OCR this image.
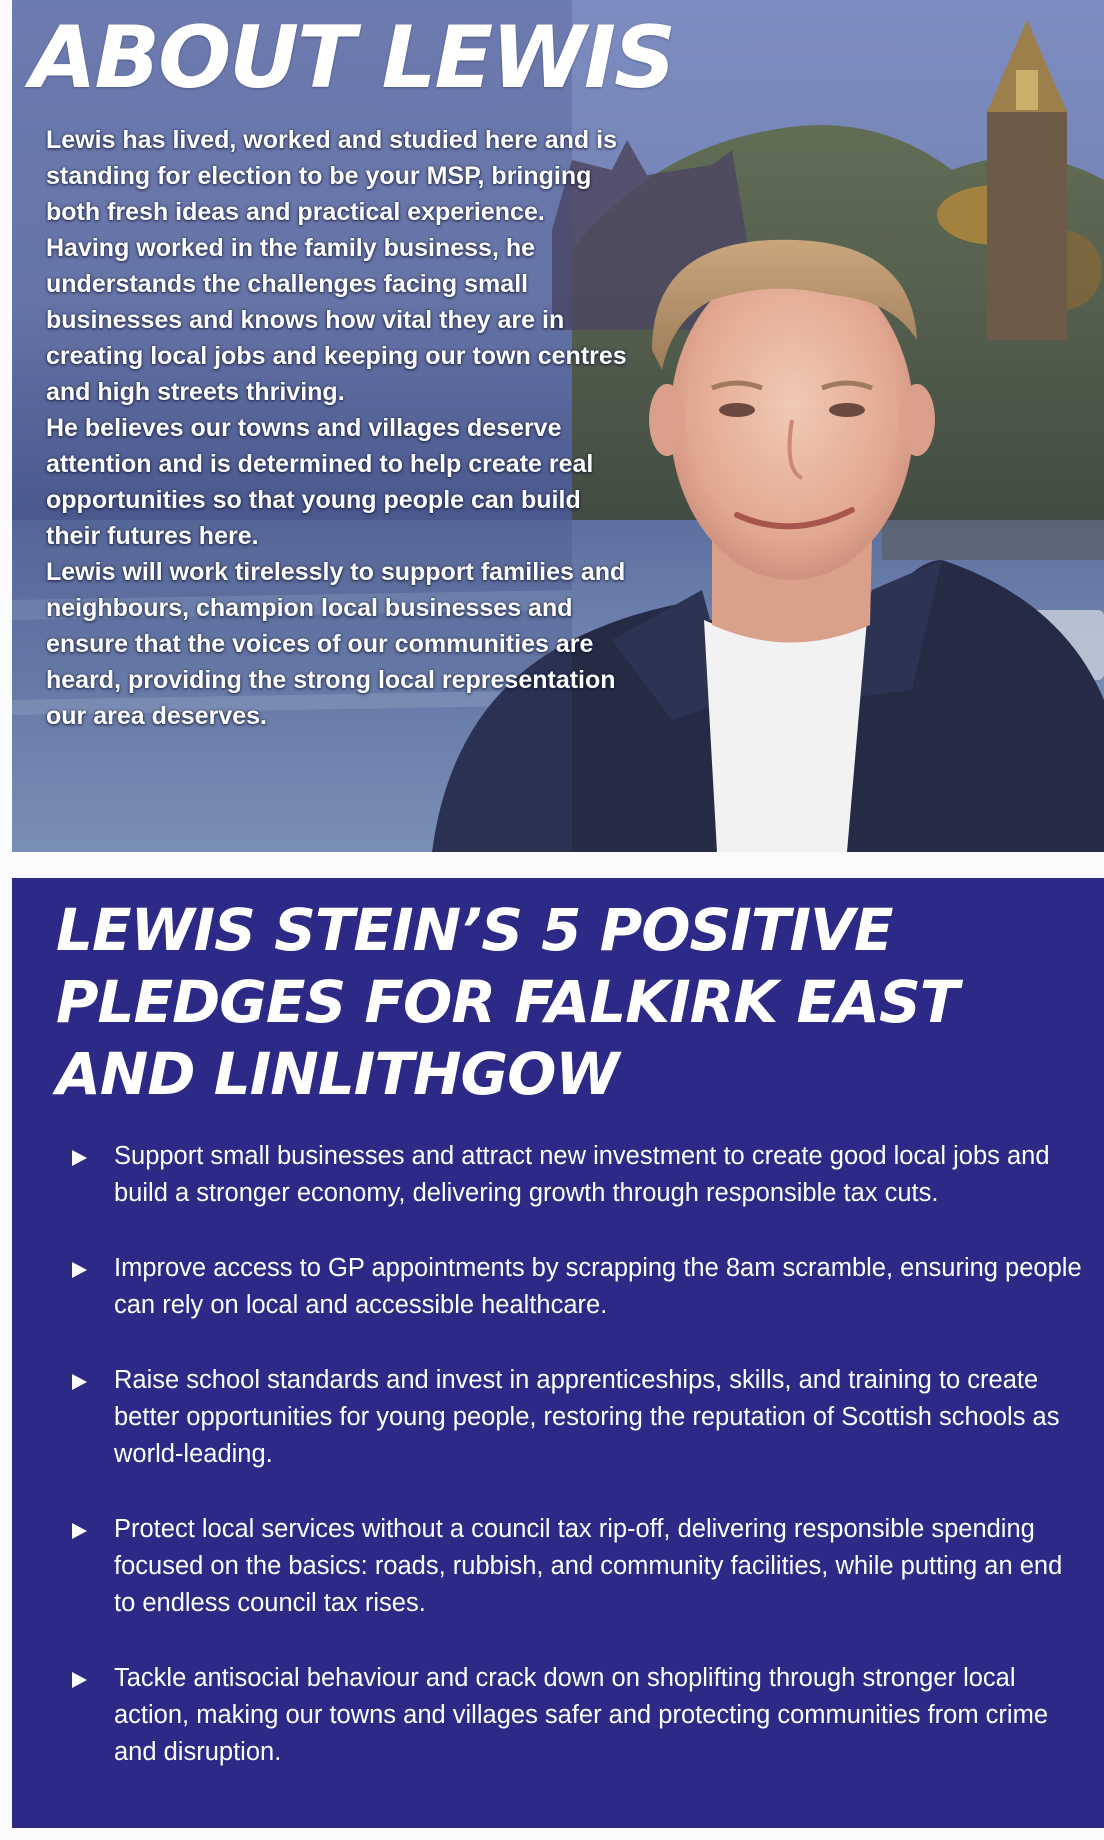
ABOUT LEWIS

Lewis has lived, worked and studied here and is standing for election to be your MSP, bringing both fresh ideas and practical experience.

Having worked in the family business, he understands the challenges facing small businesses and knows how vital they are in creating local jobs and keeping our town centres and high streets thriving.

He believes our towns and villages deserve attention and is determined to help create real opportunities so that young people can build their futures here.

Lewis will work tirelessly to support families and neighbours, champion local businesses and ensure that the voices of our communities are heard, providing the strong local representation our area deserves.

LEWIS STEIN’S 5 POSITIVE PLEDGES FOR FALKIRK EAST AND LINLITHGOW
Support small businesses and attract new investment to create good local jobs and build a stronger economy, delivering growth through responsible tax cuts.
Improve access to GP appointments by scrapping the 8am scramble, ensuring people can rely on local and accessible healthcare.
Raise school standards and invest in apprenticeships, skills, and training to create better opportunities for young people, restoring the reputation of Scottish schools as world-leading.
Protect local services without a council tax rip-off, delivering responsible spending focused on the basics: roads, rubbish, and community facilities, while putting an end to endless council tax rises.
Tackle antisocial behaviour and crack down on shoplifting through stronger local action, making our towns and villages safer and protecting communities from crime and disruption.
